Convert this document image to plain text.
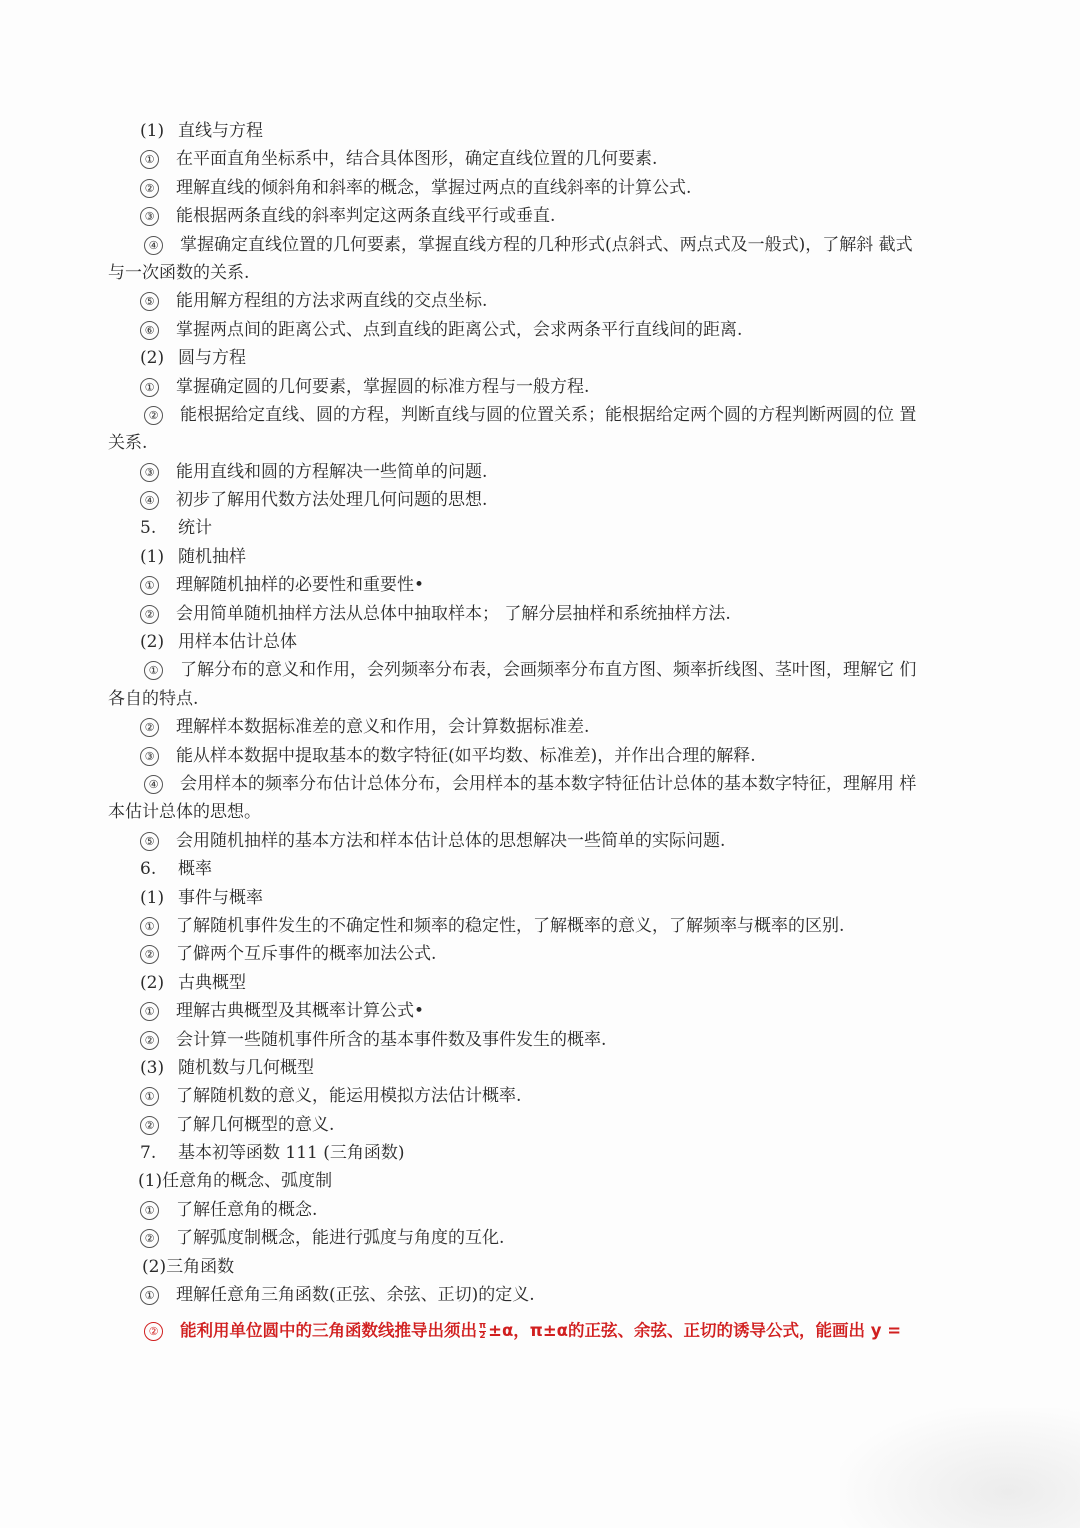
(1) 直线与方程
① 在平面直角坐标系中，结合具体图形，确定直线位置的几何要素.
② 理解直线的倾斜角和斜率的概念，掌握过两点的直线斜率的计算公式.
③ 能根据两条直线的斜率判定这两条直线平行或垂直.
④ 掌握确定直线位置的几何要素，掌握直线方程的几种形式(点斜式、两点式及一般式)，了解斜 截式
与一次函数的关系.
⑤ 能用解方程组的方法求两直线的交点坐标.
⑥ 掌握两点间的距离公式、点到直线的距离公式，会求两条平行直线间的距离.
(2) 圆与方程
① 掌握确定圆的几何要素，掌握圆的标准方程与一般方程.
② 能根据给定直线、圆的方程，判断直线与圆的位置关系；能根据给定两个圆的方程判断两圆的位 置
关系.
③ 能用直线和圆的方程解决一些简单的问题.
④ 初步了解用代数方法处理几何问题的思想.
5. 统计
(1) 随机抽样
① 理解随机抽样的必要性和重要性•
② 会用简单随机抽样方法从总体中抽取样本； 了解分层抽样和系统抽样方法.
(2) 用样本估计总体
① 了解分布的意义和作用，会列频率分布表，会画频率分布直方图、频率折线图、茎叶图，理解它 们
各自的特点.
② 理解样本数据标准差的意义和作用，会计算数据标准差.
③ 能从样本数据中提取基本的数字特征(如平均数、标准差)，并作出合理的解释.
④ 会用样本的频率分布估计总体分布，会用样本的基本数字特征估计总体的基本数字特征，理解用 样
本估计总体的思想。
⑤ 会用随机抽样的基本方法和样本估计总体的思想解决一些简单的实际问题.
6. 概率
(1) 事件与概率
① 了解随机事件发生的不确定性和频率的稳定性，了解概率的意义，了解频率与概率的区别.
② 了僻两个互斥事件的概率加法公式.
(2) 古典概型
① 理解古典概型及其概率计算公式•
② 会计算一些随机事件所含的基本事件数及事件发生的概率.
(3) 随机数与几何概型
① 了解随机数的意义，能运用模拟方法估计概率.
② 了解几何概型的意义.
7. 基本初等函数 111 (三角函数)
(1)任意角的概念、弧度制
① 了解任意角的概念.
② 了解弧度制概念，能进行弧度与角度的互化.
(2)三角函数
① 理解任意角三角函数(正弦、余弦、正切)的定义.
② 能利用单位圆中的三角函数线推导出须出 $\frac{\pi}{2} \pm\alpha$，π±α的正弦、余弦、正切的诱导公式，能画出 y =
